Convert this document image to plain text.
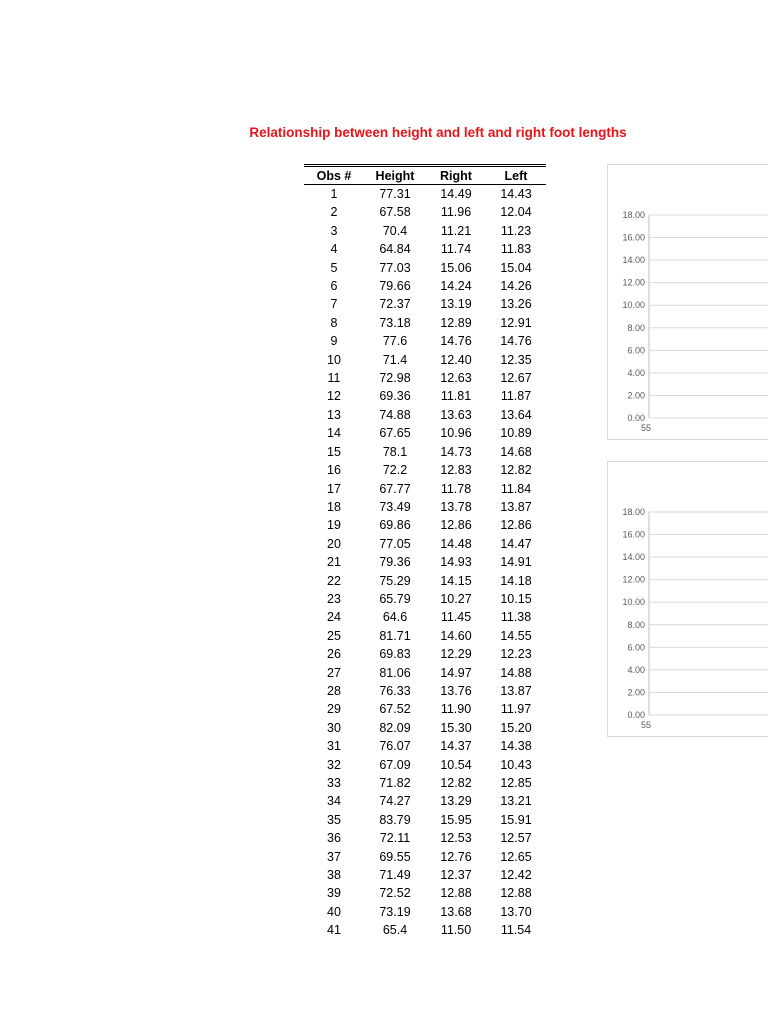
Relationship between height and left and right foot lengths
Obs #	Height	Right	Left
1	77.31	14.49	14.43
2	67.58	11.96	12.04
3	70.4	11.21	11.23
4	64.84	11.74	11.83
5	77.03	15.06	15.04
6	79.66	14.24	14.26
7	72.37	13.19	13.26
8	73.18	12.89	12.91
9	77.6	14.76	14.76
10	71.4	12.40	12.35
11	72.98	12.63	12.67
12	69.36	11.81	11.87
13	74.88	13.63	13.64
14	67.65	10.96	10.89
15	78.1	14.73	14.68
16	72.2	12.83	12.82
17	67.77	11.78	11.84
18	73.49	13.78	13.87
19	69.86	12.86	12.86
20	77.05	14.48	14.47
21	79.36	14.93	14.91
22	75.29	14.15	14.18
23	65.79	10.27	10.15
24	64.6	11.45	11.38
25	81.71	14.60	14.55
26	69.83	12.29	12.23
27	81.06	14.97	14.88
28	76.33	13.76	13.87
29	67.52	11.90	11.97
30	82.09	15.30	15.20
31	76.07	14.37	14.38
32	67.09	10.54	10.43
33	71.82	12.82	12.85
34	74.27	13.29	13.21
35	83.79	15.95	15.91
36	72.11	12.53	12.57
37	69.55	12.76	12.65
38	71.49	12.37	12.42
39	72.52	12.88	12.88
40	73.19	13.68	13.70
41	65.4	11.50	11.54
18.00
16.00
14.00
12.00
10.00
8.00
6.00
4.00
2.00
0.00
55
18.00
16.00
14.00
12.00
10.00
8.00
6.00
4.00
2.00
0.00
55
